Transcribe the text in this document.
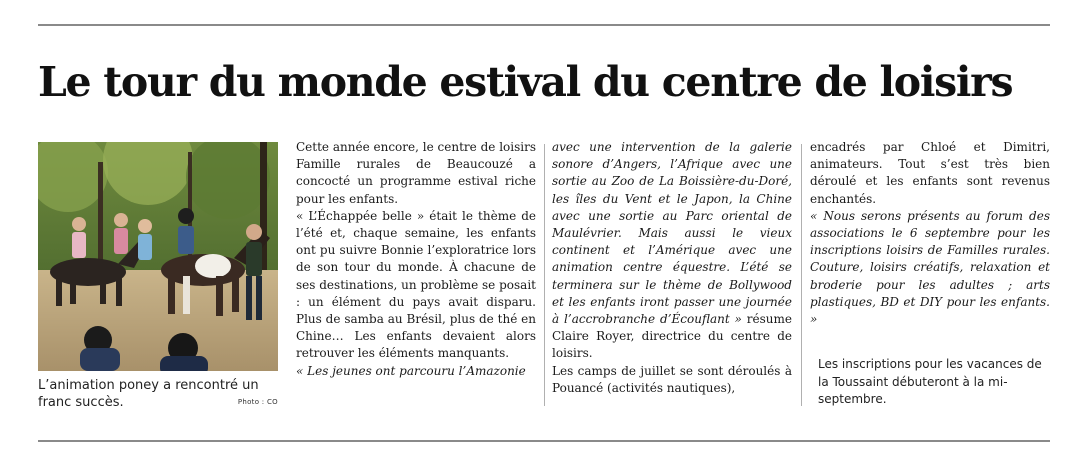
Le tour du monde estival du centre de loisirs
L’animation poney a rencontré un franc succès.	Photo : CO

Cette année encore, le centre de loisirs Famille rurales de Beaucouzé a concocté un programme estival riche pour les enfants.

« L’Échappée belle » était le thème de l’été et, chaque semaine, les enfants ont pu suivre Bonnie l’exploratrice lors de son tour du monde. À chacune de ses destinations, un problème se posait : un élément du pays avait disparu. Plus de samba au Brésil, plus de thé en Chine… Les enfants devaient alors retrouver les éléments manquants.

« Les jeunes ont parcouru l’Amazonie

avec une intervention de la galerie sonore d’Angers, l’Afrique avec une sortie au Zoo de La Boissière-du-Doré, les îles du Vent et le Japon, la Chine avec une sortie au Parc oriental de Maulévrier. Mais aussi le vieux continent et l’Amérique avec une animation centre équestre. L’été se terminera sur le thème de Bollywood et les enfants iront passer une journée à l’accrobranche d’Écouflant » résume Claire Royer, directrice du centre de loisirs.

Les camps de juillet se sont déroulés à Pouancé (activités nautiques),

encadrés par Chloé et Dimitri, animateurs. Tout s’est très bien déroulé et les enfants sont revenus enchantés.

« Nous serons présents au forum des associations le 6 septembre pour les inscriptions loisirs de Familles rurales. Couture, loisirs créatifs, relaxation et broderie pour les adultes ; arts plastiques, BD et DIY pour les enfants. »

Les inscriptions pour les vacances de la Toussaint débuteront à la mi-septembre.
